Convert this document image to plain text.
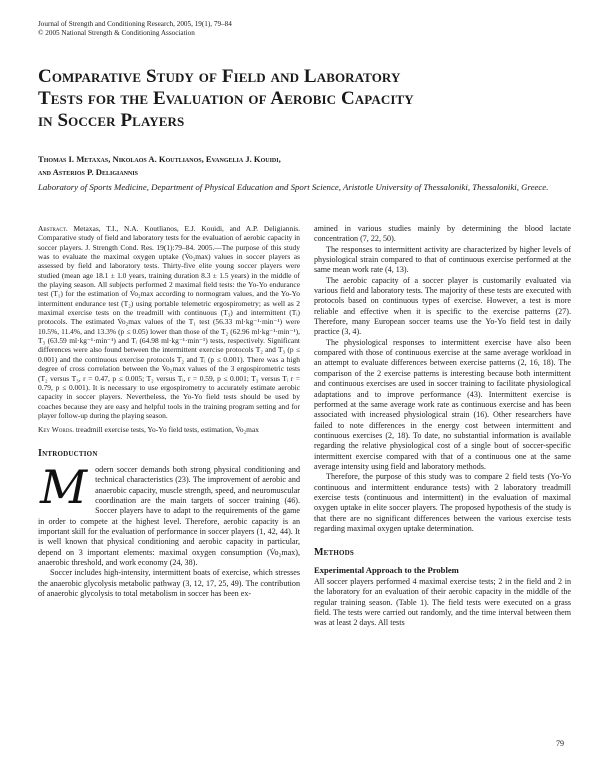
Journal of Strength and Conditioning Research, 2005, 19(1), 79–84
© 2005 National Strength & Conditioning Association
Comparative Study of Field and Laboratory
Tests for the Evaluation of Aerobic Capacity
in Soccer Players
Thomas I. Metaxas, Nikolaos A. Koutlianos, Evangelia J. Kouidi,
and Asterios P. Deligiannis
Laboratory of Sports Medicine, Department of Physical Education and Sport Science, Aristotle University of Thessaloniki, Thessaloniki, Greece.
Abstract. Metaxas, T.I., N.A. Koutlianos, E.J. Kouidi, and A.P. Deligiannis. Comparative study of field and laboratory tests for the evaluation of aerobic capacity in soccer players. J. Strength Cond. Res. 19(1):79–84. 2005.—The purpose of this study was to evaluate the maximal oxygen uptake (V̇o₂max) values in soccer players as assessed by field and laboratory tests. Thirty-five elite young soccer players were studied (mean age 18.1 ± 1.0 years, training duration 8.3 ± 1.5 years) in the middle of the playing season. All subjects performed 2 maximal field tests: the Yo-Yo endurance test (T₁) for the estimation of V̇o₂max according to normogram values, and the Yo-Yo intermittent endurance test (T₂) using portable telemetric ergospirometry; as well as 2 maximal exercise tests on the treadmill with continuous (T₃) and intermittent (Tᵢ) protocols. The estimated V̇o₂max values of the T₁ test (56.33 ml·kg⁻¹·min⁻¹) were 10.5%, 11.4%, and 13.3% (p ≤ 0.05) lower than those of the T₂ (62.96 ml·kg⁻¹·min⁻¹), T₃ (63.59 ml·kg⁻¹·min⁻¹) and Tᵢ (64.98 ml·kg⁻¹·min⁻¹) tests, respectively. Significant differences were also found between the intermittent exercise protocols T₂ and T₃ (p ≤ 0.001) and the continuous exercise protocols T₂ and Tᵢ (p ≤ 0.001). There was a high degree of cross correlation between the V̇o₂max values of the 3 ergospirometric tests (T₂ versus T₃, r = 0.47, p ≤ 0.005; T₂ versus Tᵢ, r = 0.59, p ≤ 0.001; T₃ versus Tᵢ r = 0.79, p ≤ 0.001). It is necessary to use ergospirometry to accurately estimate aerobic capacity in soccer players. Nevertheless, the Yo-Yo field tests should be used by coaches because they are easy and helpful tools in the training program setting and for player follow-up during the playing season.
Key Words. treadmill exercise tests, Yo-Yo field tests, estimation, V̇o₂max
Introduction

Modern soccer demands both strong physical conditioning and technical characteristics (23). The improvement of aerobic and anaerobic capacity, muscle strength, speed, and neuromuscular coordination are the main targets of soccer training (46). Soccer players have to adapt to the requirements of the game in order to compete at the highest level. Therefore, aerobic capacity is an important skill for the evaluation of performance in soccer players (1, 42, 44). It is well known that physical conditioning and aerobic capacity in particular, depend on 3 important elements: maximal oxygen consumption (V̇o₂max), anaerobic threshold, and work economy (24, 38).

Soccer includes high-intensity, intermittent boats of exercise, which stresses the anaerobic glycolysis metabolic pathway (3, 12, 17, 25, 49). The contribution of anaerobic glycolysis to total metabolism in soccer has been ex-

amined in various studies mainly by determining the blood lactate concentration (7, 22, 50).

The responses to intermittent activity are characterized by higher levels of physiological strain compared to that of continuous exercise performed at the same mean work rate (4, 13).

The aerobic capacity of a soccer player is customarily evaluated via various field and laboratory tests. The majority of these tests are executed with protocols based on continuous types of exercise. However, a test is more reliable and effective when it is specific to the exercise patterns (27). Therefore, many European soccer teams use the Yo-Yo field test in daily practice (3, 4).

The physiological responses to intermittent exercise have also been compared with those of continuous exercise at the same average workload in an attempt to evaluate differences between exercise patterns (2, 16, 18). The comparison of the 2 exercise patterns is interesting because both intermittent and continuous exercises are used in soccer training to facilitate physiological adaptations and to improve performance (43). Intermittent exercise is performed at the same average work rate as continuous exercise and has been associated with increased physiological strain (16). Other researchers have failed to note differences in the energy cost between intermittent and continuous exercises (2, 18). To date, no substantial information is available regarding the relative physiological cost of a single bout of soccer-specific intermittent exercise compared with that of a continuous one at the same average intensity using field and laboratory methods.

Therefore, the purpose of this study was to compare 2 field tests (Yo-Yo continuous and intermittent endurance tests) with 2 laboratory treadmill exercise tests (continuous and intermittent) in the evaluation of maximal oxygen uptake in elite soccer players. The proposed hypothesis of the study is that there are no significant differences between the various exercise tests regarding maximal oxygen uptake determination.

Methods
Experimental Approach to the Problem

All soccer players performed 4 maximal exercise tests; 2 in the field and 2 in the laboratory for an evaluation of their aerobic capacity in the middle of the regular training season. (Table 1). The field tests were executed on a grass field. The tests were carried out randomly, and the time interval between them was at least 2 days. All tests

79
